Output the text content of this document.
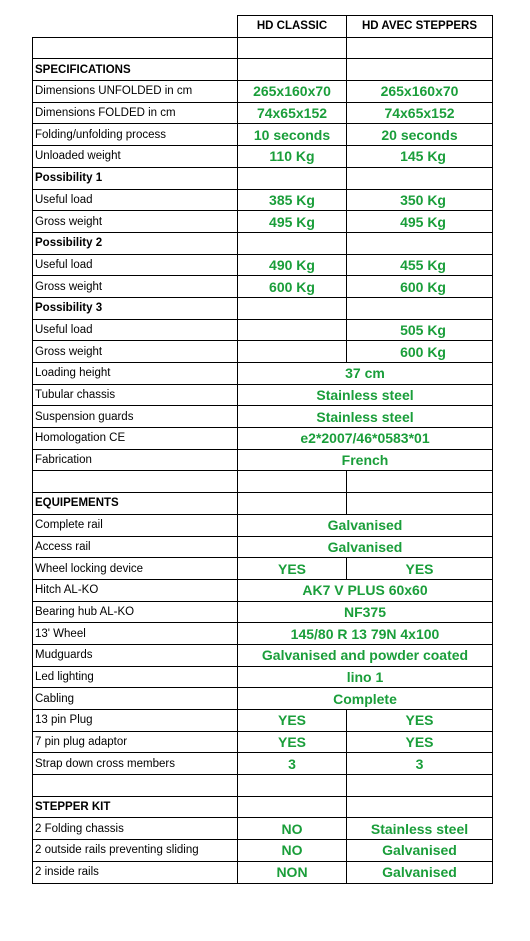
	HD CLASSIC	HD AVEC STEPPERS

SPECIFICATIONS		
Dimensions UNFOLDED in cm	265x160x70	265x160x70
Dimensions FOLDED in cm	74x65x152	74x65x152
Folding/unfolding process	10 seconds	20 seconds
Unloaded weight	110 Kg	145 Kg
Possibility 1		
Useful load	385 Kg	350 Kg
Gross weight	495 Kg	495 Kg
Possibility 2		
Useful load	490 Kg	455 Kg
Gross weight	600 Kg	600 Kg
Possibility 3		
Useful load		505 Kg
Gross weight		600 Kg
Loading height	37 cm	
Tubular chassis	Stainless steel	
Suspension guards	Stainless steel	
Homologation CE	e2*2007/46*0583*01	
Fabrication	French	

EQUIPEMENTS		
Complete rail	Galvanised	
Access rail	Galvanised	
Wheel locking device	YES	YES
Hitch AL-KO	AK7 V PLUS 60x60	
Bearing hub AL-KO	NF375	
13' Wheel	145/80 R 13 79N 4x100	
Mudguards	Galvanised and powder coated	
Led lighting	lino 1	
Cabling	Complete	
13 pin Plug	YES	YES
7 pin plug adaptor	YES	YES
Strap down cross members	3	3

STEPPER KIT		
2 Folding chassis	NO	Stainless steel
2 outside rails preventing sliding	NO	Galvanised
2 inside rails	NON	Galvanised
